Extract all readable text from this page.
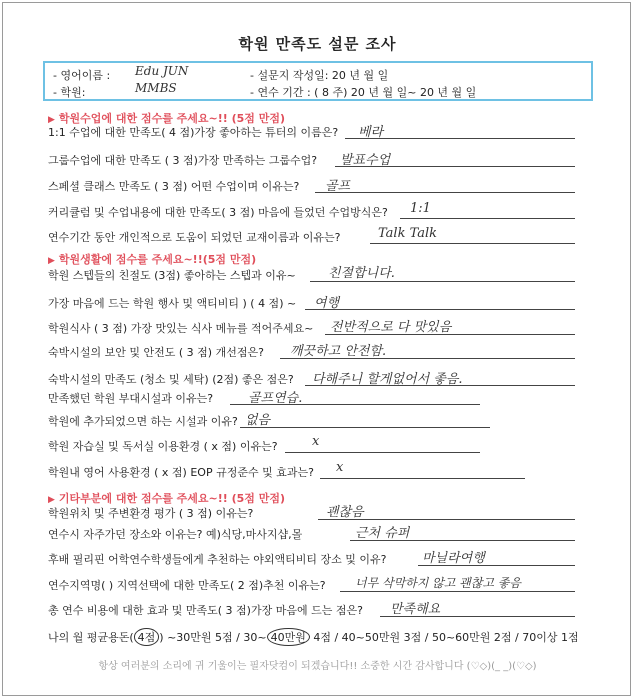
학원 만족도 설문 조사
- 영어이름 : Edu JUN
- 학원:	MMBS
- 설문지 작성일: 20 년 월 일
- 연수 기간 : ( 8 주) 20 년 월 일~ 20 년 월 일
▶ 학원수업에 대한 점수를 주세요~!! (5점 만점)
1:1 수업에 대한 만족도( 4 점)가장 좋아하는 튜터의 이름은? 베라
그룹수업에 대한 만족도 ( 3 점)가장 만족하는 그룹수업? 발표수업
스페셜 클래스 만족도 ( 3 점) 어떤 수업이며 이유는? 골프
커리큘럼 및 수업내용에 대한 만족도( 3 점) 마음에 들었던 수업방식은? 1:1
연수기간 동안 개인적으로 도움이 되었던 교재이름과 이유는?	Talk Talk
▶ 학원생활에 점수를 주세요~!!(5점 만점)
학원 스텝들의 친절도 (3점) 좋아하는 스텝과 이유~ 친절합니다.
가장 마음에 드는 학원 행사 및 액티비티 ) ( 4 점) ~ 여행
학원식사 ( 3 점) 가장 맛있는 식사 메뉴를 적어주세요~ 전반적으로 다 맛있음
숙박시설의 보안 및 안전도 ( 3 점) 개선점은? 깨끗하고 안전함.
숙박시설의 만족도 (청소 및 세탁) (2점) 좋은 점은? 다해주니 할게없어서 좋음.
만족했던 학원 부대시설과 이유는?	골프연습.
학원에 추가되었으면 하는 시설과 이유? 없음
학원 자습실 및 독서실 이용환경 ( x 점) 이유는?	x
학원내 영어 사용환경 ( x 점) EOP 규정준수 및 효과는? x
▶ 기타부분에 대한 점수를 주세요~!! (5점 만점)
학원위치 및 주변환경 평가 ( 3 점) 이유는?	괜찮음
연수시 자주가던 장소와 이유는? 예)식당,마사지샵,몰	근처 슈퍼
후배 필리핀 어학연수학생들에게 추천하는 야외액티비티 장소 및 이유?	마닐라여행
연수지역명( ) 지역선택에 대한 만족도( 2 점)추천 이유는? 너무 삭막하지 않고 괜찮고 좋음
총 연수 비용에 대한 효과 및 만족도( 3 점)가장 마음에 드는 점은? 만족해요
나의 월 평균용돈( 4점 ) ~30만원 5점 / 30~ 40만원 4점 / 40~50만원 3점 / 50~60만원 2점 / 70이상 1점
항상 여러분의 소리에 귀 기울이는 필자닷컴이 되겠습니다!! 소중한 시간 감사합니다 (♡◇)(_ _)(♡◇)
